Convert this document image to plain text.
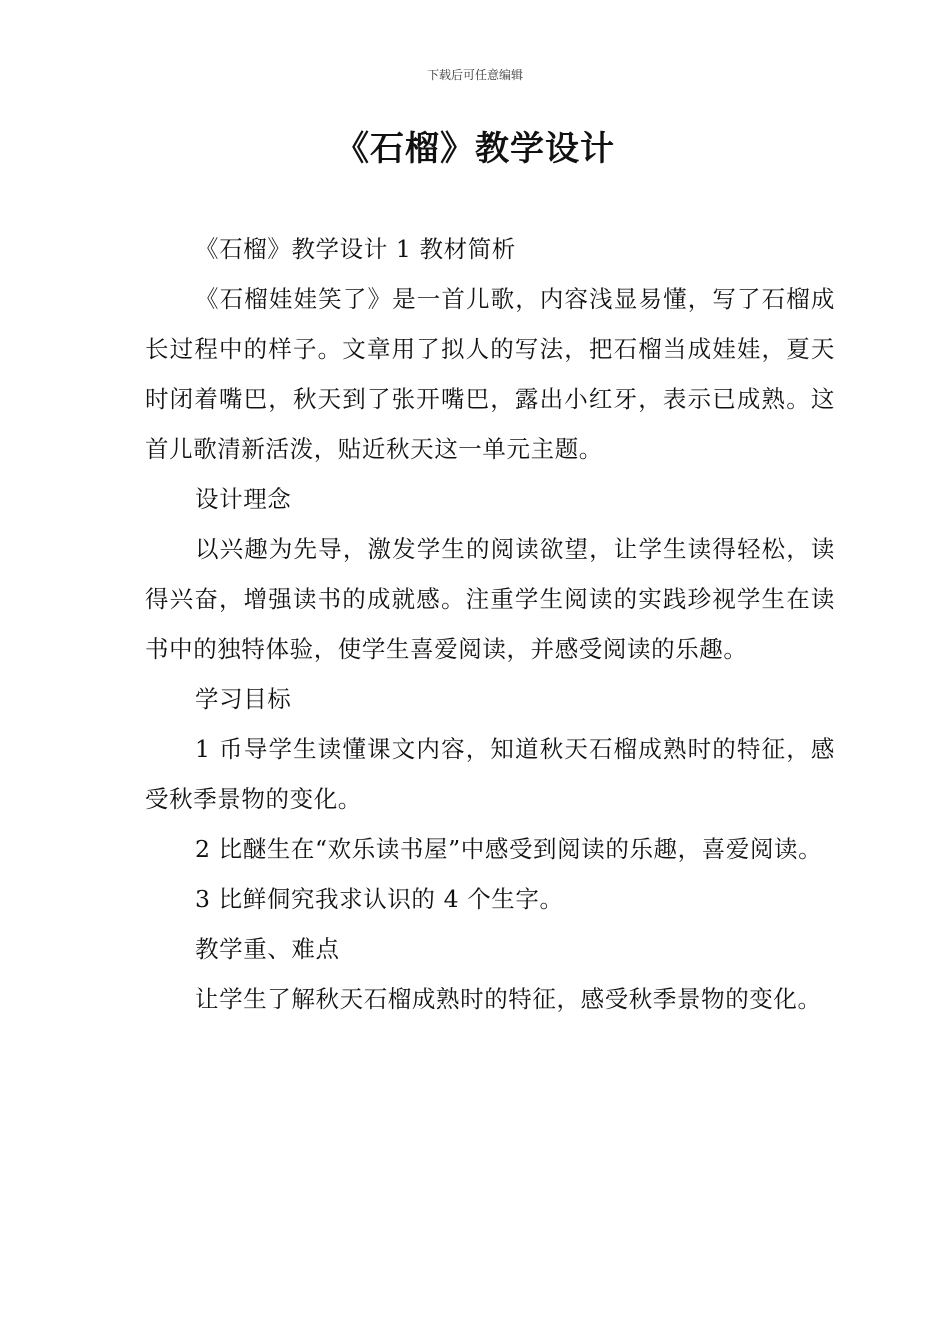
下载后可任意编辑
《石榴》教学设计

《石榴》教学设计 1 教材简析

《石榴娃娃笑了》是一首儿歌，内容浅显易懂，写了石榴成长过程中的样子。文章用了拟人的写法，把石榴当成娃娃，夏天时闭着嘴巴，秋天到了张开嘴巴，露出小红牙，表示已成熟。这首儿歌清新活泼，贴近秋天这一单元主题。

设计理念

以兴趣为先导，激发学生的阅读欲望，让学生读得轻松，读得兴奋，增强读书的成就感。注重学生阅读的实践珍视学生在读书中的独特体验，使学生喜爱阅读，并感受阅读的乐趣。

学习目标

1 币导学生读懂课文内容，知道秋天石榴成熟时的特征，感受秋季景物的变化。

2 比醚生在“欢乐读书屋”中感受到阅读的乐趣，喜爱阅读。

3 比鲜侗究我求认识的 4 个生字。

教学重、难点

让学生了解秋天石榴成熟时的特征，感受秋季景物的变化。
